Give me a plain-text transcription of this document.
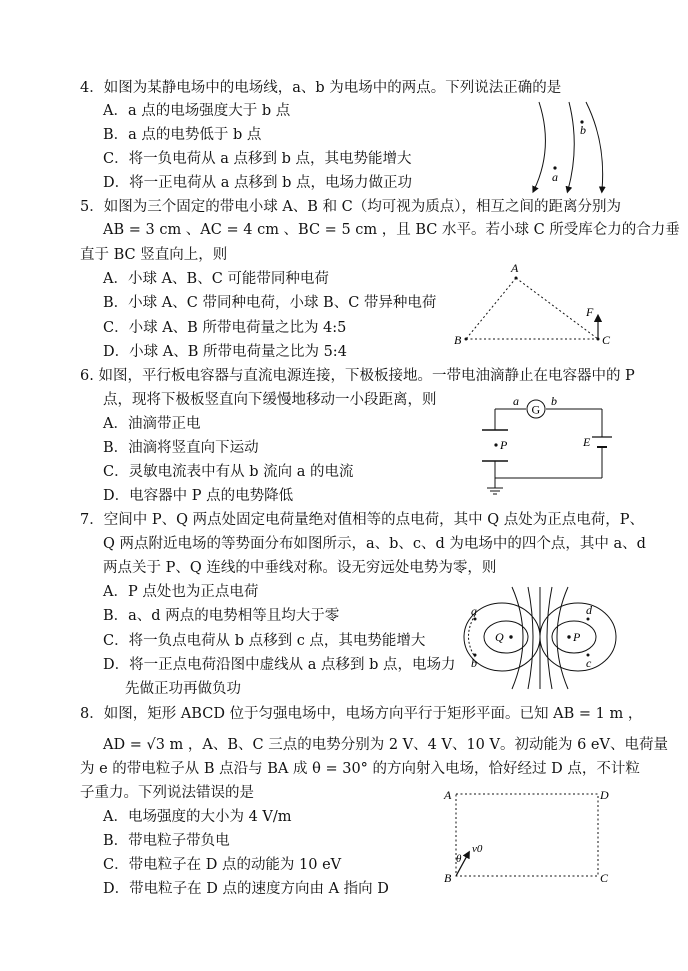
4．如图为某静电场中的电场线，a、b 为电场中的两点。下列说法正确的是
A．a 点的电场强度大于 b 点
B．a 点的电势低于 b 点
C．将一负电荷从 a 点移到 b 点，其电势能增大
D．将一正电荷从 a 点移到 b 点，电场力做正功
b
a
5．如图为三个固定的带电小球 A、B 和 C（均可视为质点），相互之间的距离分别为
AB = 3 cm 、AC = 4 cm 、BC = 5 cm ，且 BC 水平。若小球 C 所受库仑力的合力垂
直于 BC 竖直向上，则
A．小球 A、B、C 可能带同种电荷
B．小球 A、C 带同种电荷，小球 B、C 带异种电荷
C．小球 A、B 所带电荷量之比为 4:5
D．小球 A、B 所带电荷量之比为 5:4
A
B	C
F
6. 如图，平行板电容器与直流电源连接，下极板接地。一带电油滴静止在电容器中的 P
点，现将下极板竖直向下缓慢地移动一小段距离，则
A．油滴带正电
B．油滴将竖直向下运动
C．灵敏电流表中有从 b 流向 a 的电流
D．电容器中 P 点的电势降低
P
G
a	b
E
7．空间中 P、Q 两点处固定电荷量绝对值相等的点电荷，其中 Q 点处为正点电荷，P、
Q 两点附近电场的等势面分布如图所示，a、b、c、d 为电场中的四个点，其中 a、d
两点关于 P、Q 连线的中垂线对称。设无穷远处电势为零，则
A．P 点处也为正点电荷
B．a、d 两点的电势相等且均大于零
C．将一负点电荷从 b 点移到 c 点，其电势能增大
D．将一正点电荷沿图中虚线从 a 点移到 b 点，电场力
先做正功再做负功
Q	P
a
b	c
d
8．如图，矩形 ABCD 位于匀强电场中，电场方向平行于矩形平面。已知 AB = 1 m ，
AD = √3 m ，A、B、C 三点的电势分别为 2 V、4 V、10 V。初动能为 6 eV、电荷量
为 e 的带电粒子从 B 点沿与 BA 成 θ = 30° 的方向射入电场，恰好经过 D 点，不计粒
子重力。下列说法错误的是
A．电场强度的大小为 4 V/m
B．带电粒子带负电
C．带电粒子在 D 点的动能为 10 eV
D．带电粒子在 D 点的速度方向由 A 指向 D
A	D
B	C
v0
θ
